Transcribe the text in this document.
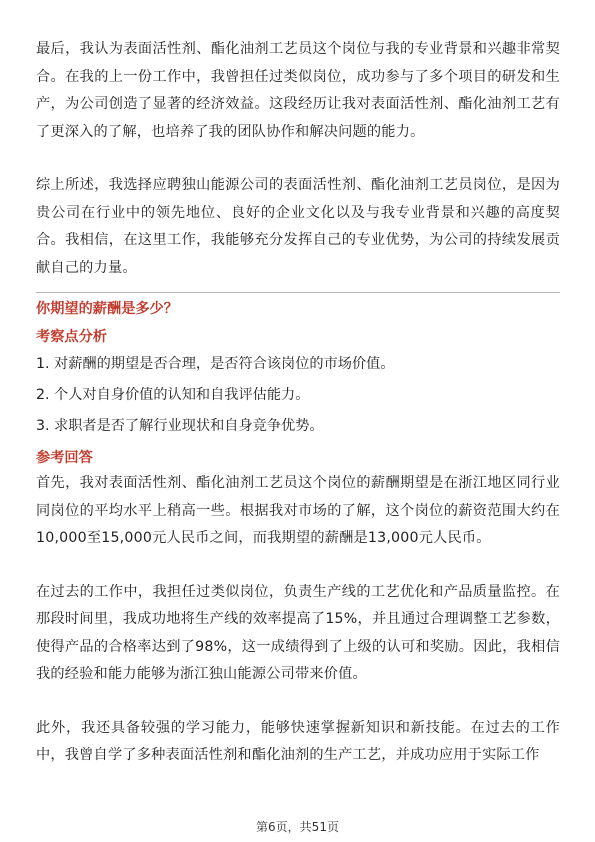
最后，我认为表面活性剂、酯化油剂工艺员这个岗位与我的专业背景和兴趣非常契合。在我的上一份工作中，我曾担任过类似岗位，成功参与了多个项目的研发和生产，为公司创造了显著的经济效益。这段经历让我对表面活性剂、酯化油剂工艺有了更深入的了解，也培养了我的团队协作和解决问题的能力。

综上所述，我选择应聘独山能源公司的表面活性剂、酯化油剂工艺员岗位，是因为贵公司在行业中的领先地位、良好的企业文化以及与我专业背景和兴趣的高度契合。我相信，在这里工作，我能够充分发挥自己的专业优势，为公司的持续发展贡献自己的力量。

你期望的薪酬是多少？

考察点分析

1. 对薪酬的期望是否合理，是否符合该岗位的市场价值。

2. 个人对自身价值的认知和自我评估能力。

3. 求职者是否了解行业现状和自身竞争优势。

参考回答

首先，我对表面活性剂、酯化油剂工艺员这个岗位的薪酬期望是在浙江地区同行业同岗位的平均水平上稍高一些。根据我对市场的了解，这个岗位的薪资范围大约在10,000至15,000元人民币之间，而我期望的薪酬是13,000元人民币。

在过去的工作中，我担任过类似岗位，负责生产线的工艺优化和产品质量监控。在那段时间里，我成功地将生产线的效率提高了15%，并且通过合理调整工艺参数，使得产品的合格率达到了98%，这一成绩得到了上级的认可和奖励。因此，我相信我的经验和能力能够为浙江独山能源公司带来价值。

此外，我还具备较强的学习能力，能够快速掌握新知识和新技能。在过去的工作中，我曾自学了多种表面活性剂和酯化油剂的生产工艺，并成功应用于实际工作

第6页，共51页
